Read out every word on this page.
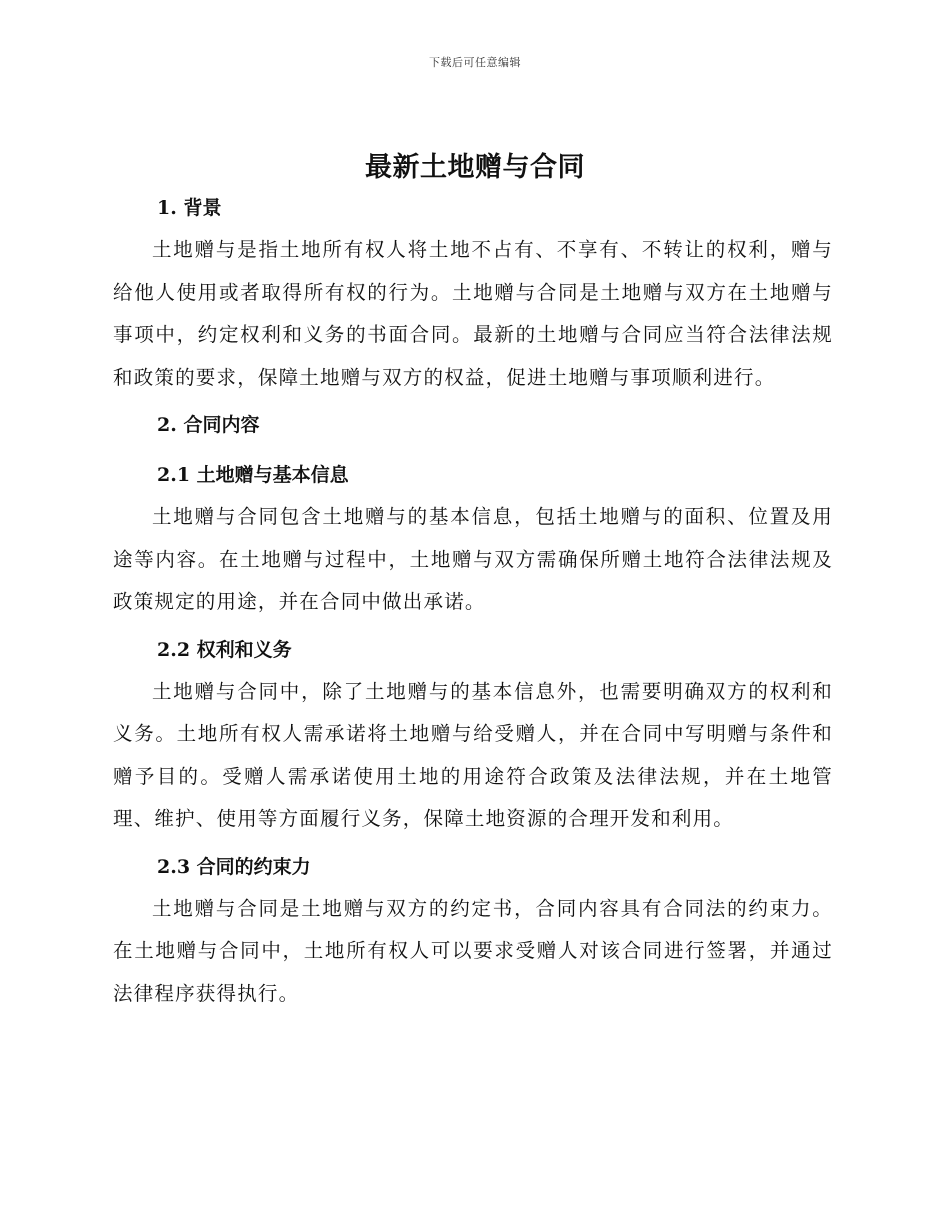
下载后可任意编辑
最新土地赠与合同
1. 背景

土地赠与是指土地所有权人将土地不占有、不享有、不转让的权利，赠与给他人使用或者取得所有权的行为。土地赠与合同是土地赠与双方在土地赠与事项中，约定权利和义务的书面合同。最新的土地赠与合同应当符合法律法规和政策的要求，保障土地赠与双方的权益，促进土地赠与事项顺利进行。

2. 合同内容
2.1 土地赠与基本信息

土地赠与合同包含土地赠与的基本信息，包括土地赠与的面积、位置及用途等内容。在土地赠与过程中，土地赠与双方需确保所赠土地符合法律法规及政策规定的用途，并在合同中做出承诺。

2.2 权利和义务

土地赠与合同中，除了土地赠与的基本信息外，也需要明确双方的权利和义务。土地所有权人需承诺将土地赠与给受赠人，并在合同中写明赠与条件和赠予目的。受赠人需承诺使用土地的用途符合政策及法律法规，并在土地管理、维护、使用等方面履行义务，保障土地资源的合理开发和利用。

2.3 合同的约束力

土地赠与合同是土地赠与双方的约定书，合同内容具有合同法的约束力。在土地赠与合同中，土地所有权人可以要求受赠人对该合同进行签署，并通过法律程序获得执行。
